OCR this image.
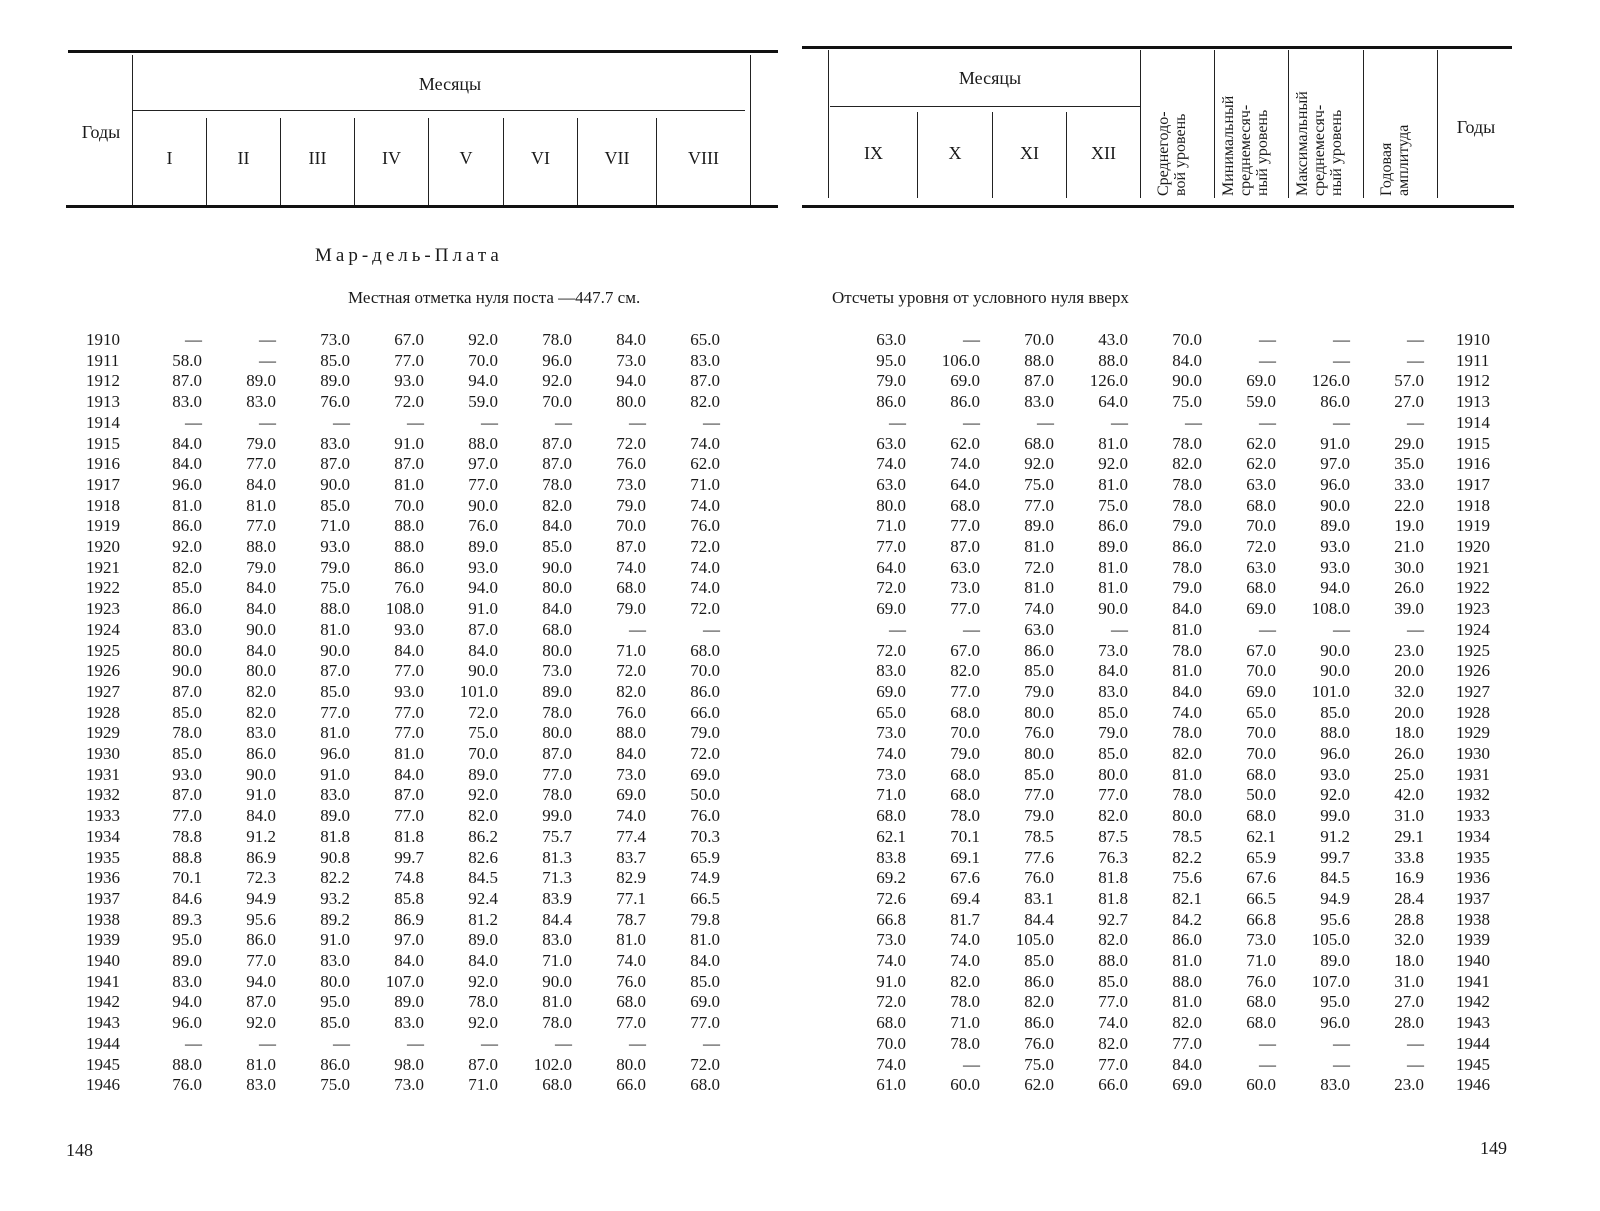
Годы
Месяцы
I	II	III	IV	V	VI	VII	VIII
Мар-дель-Плата
Местная отметка нуля поста —447.7 см.
1910	—	—	73.0	67.0	92.0	78.0	84.0	65.0
1911	58.0	—	85.0	77.0	70.0	96.0	73.0	83.0
1912	87.0	89.0	89.0	93.0	94.0	92.0	94.0	87.0
1913	83.0	83.0	76.0	72.0	59.0	70.0	80.0	82.0
1914	—	—	—	—	—	—	—	—
1915	84.0	79.0	83.0	91.0	88.0	87.0	72.0	74.0
1916	84.0	77.0	87.0	87.0	97.0	87.0	76.0	62.0
1917	96.0	84.0	90.0	81.0	77.0	78.0	73.0	71.0
1918	81.0	81.0	85.0	70.0	90.0	82.0	79.0	74.0
1919	86.0	77.0	71.0	88.0	76.0	84.0	70.0	76.0
1920	92.0	88.0	93.0	88.0	89.0	85.0	87.0	72.0
1921	82.0	79.0	79.0	86.0	93.0	90.0	74.0	74.0
1922	85.0	84.0	75.0	76.0	94.0	80.0	68.0	74.0
1923	86.0	84.0	88.0	108.0	91.0	84.0	79.0	72.0
1924	83.0	90.0	81.0	93.0	87.0	68.0	—	—
1925	80.0	84.0	90.0	84.0	84.0	80.0	71.0	68.0
1926	90.0	80.0	87.0	77.0	90.0	73.0	72.0	70.0
1927	87.0	82.0	85.0	93.0	101.0	89.0	82.0	86.0
1928	85.0	82.0	77.0	77.0	72.0	78.0	76.0	66.0
1929	78.0	83.0	81.0	77.0	75.0	80.0	88.0	79.0
1930	85.0	86.0	96.0	81.0	70.0	87.0	84.0	72.0
1931	93.0	90.0	91.0	84.0	89.0	77.0	73.0	69.0
1932	87.0	91.0	83.0	87.0	92.0	78.0	69.0	50.0
1933	77.0	84.0	89.0	77.0	82.0	99.0	74.0	76.0
1934	78.8	91.2	81.8	81.8	86.2	75.7	77.4	70.3
1935	88.8	86.9	90.8	99.7	82.6	81.3	83.7	65.9
1936	70.1	72.3	82.2	74.8	84.5	71.3	82.9	74.9
1937	84.6	94.9	93.2	85.8	92.4	83.9	77.1	66.5
1938	89.3	95.6	89.2	86.9	81.2	84.4	78.7	79.8
1939	95.0	86.0	91.0	97.0	89.0	83.0	81.0	81.0
1940	89.0	77.0	83.0	84.0	84.0	71.0	74.0	84.0
1941	83.0	94.0	80.0	107.0	92.0	90.0	76.0	85.0
1942	94.0	87.0	95.0	89.0	78.0	81.0	68.0	69.0
1943	96.0	92.0	85.0	83.0	92.0	78.0	77.0	77.0
1944	—	—	—	—	—	—	—	—
1945	88.0	81.0	86.0	98.0	87.0	102.0	80.0	72.0
1946	76.0	83.0	75.0	73.0	71.0	68.0	66.0	68.0
148
Месяцы
IX	X	XI	XII	Среднегодо-
вой уровень	Минимальный
среднемесяч-
ный уровень	Максимальный
среднемесяч-
ный уровень
Годовая
амплитуда	Годы
Отсчеты уровня от условного нуля вверх
63.0	—	70.0	43.0	70.0	—	—	— 1910
95.0	106.0	88.0	88.0	84.0	—	—	— 1911
79.0	69.0	87.0	126.0	90.0	69.0	126.0	57.0 1912
86.0	86.0	83.0	64.0	75.0	59.0	86.0	27.0 1913
—	—	—	—	—	—	—	— 1914
63.0	62.0	68.0	81.0	78.0	62.0	91.0	29.0 1915
74.0	74.0	92.0	92.0	82.0	62.0	97.0	35.0 1916
63.0	64.0	75.0	81.0	78.0	63.0	96.0	33.0 1917
80.0	68.0	77.0	75.0	78.0	68.0	90.0	22.0 1918
71.0	77.0	89.0	86.0	79.0	70.0	89.0	19.0 1919
77.0	87.0	81.0	89.0	86.0	72.0	93.0	21.0 1920
64.0	63.0	72.0	81.0	78.0	63.0	93.0	30.0 1921
72.0	73.0	81.0	81.0	79.0	68.0	94.0	26.0 1922
69.0	77.0	74.0	90.0	84.0	69.0	108.0	39.0 1923
—	—	63.0	—	81.0	—	—	— 1924
72.0	67.0	86.0	73.0	78.0	67.0	90.0	23.0 1925
83.0	82.0	85.0	84.0	81.0	70.0	90.0	20.0 1926
69.0	77.0	79.0	83.0	84.0	69.0	101.0	32.0 1927
65.0	68.0	80.0	85.0	74.0	65.0	85.0	20.0 1928
73.0	70.0	76.0	79.0	78.0	70.0	88.0	18.0 1929
74.0	79.0	80.0	85.0	82.0	70.0	96.0	26.0 1930
73.0	68.0	85.0	80.0	81.0	68.0	93.0	25.0 1931
71.0	68.0	77.0	77.0	78.0	50.0	92.0	42.0 1932
68.0	78.0	79.0	82.0	80.0	68.0	99.0	31.0 1933
62.1	70.1	78.5	87.5	78.5	62.1	91.2	29.1 1934
83.8	69.1	77.6	76.3	82.2	65.9	99.7	33.8 1935
69.2	67.6	76.0	81.8	75.6	67.6	84.5	16.9 1936
72.6	69.4	83.1	81.8	82.1	66.5	94.9	28.4 1937
66.8	81.7	84.4	92.7	84.2	66.8	95.6	28.8 1938
73.0	74.0	105.0	82.0	86.0	73.0	105.0	32.0 1939
74.0	74.0	85.0	88.0	81.0	71.0	89.0	18.0 1940
91.0	82.0	86.0	85.0	88.0	76.0	107.0	31.0 1941
72.0	78.0	82.0	77.0	81.0	68.0	95.0	27.0 1942
68.0	71.0	86.0	74.0	82.0	68.0	96.0	28.0 1943
70.0	78.0	76.0	82.0	77.0	—	—	— 1944
74.0	—	75.0	77.0	84.0	—	—	— 1945
61.0	60.0	62.0	66.0	69.0	60.0	83.0	23.0 1946
149
